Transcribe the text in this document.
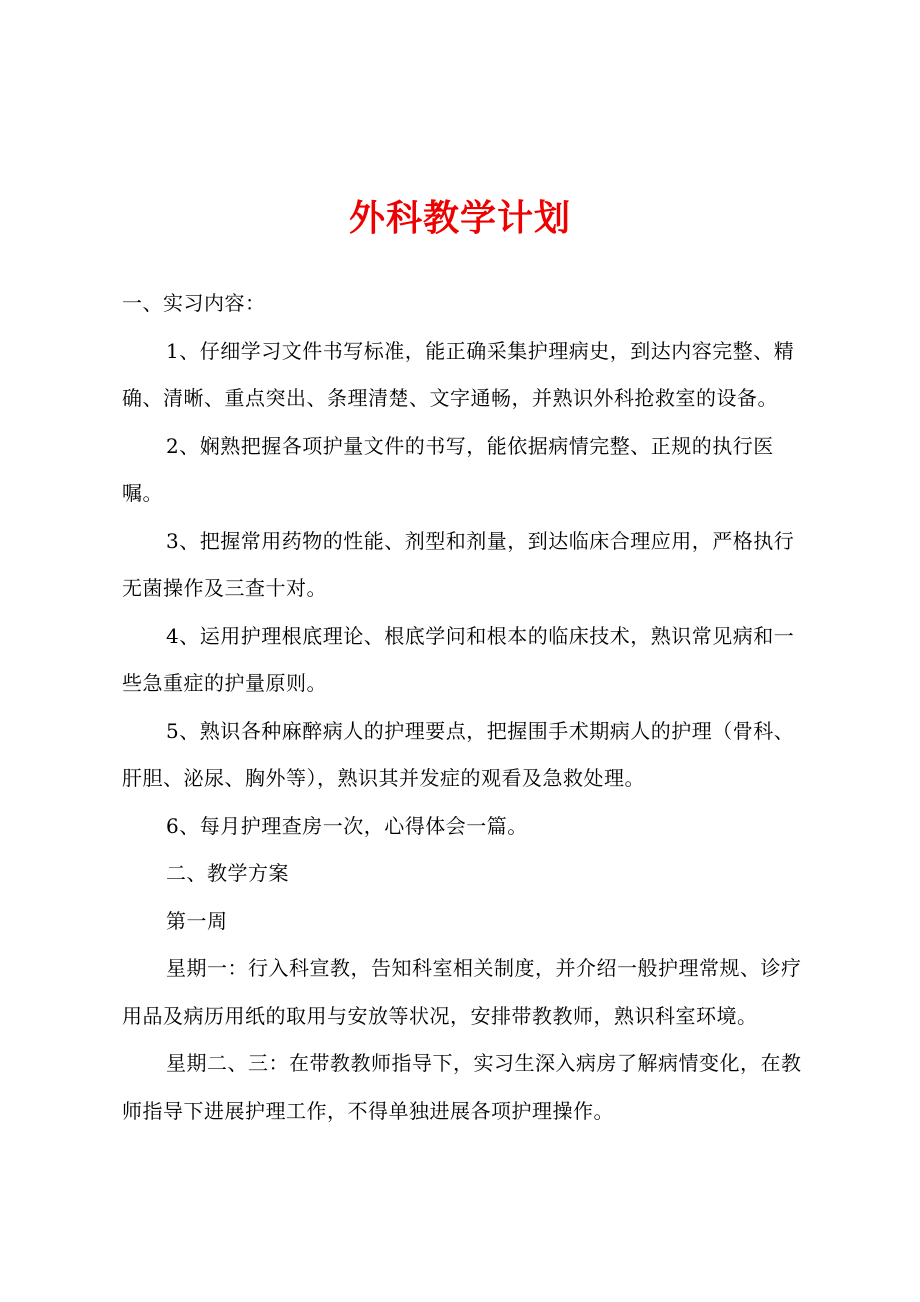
外科教学计划

一、实习内容：

1、仔细学习文件书写标准，能正确采集护理病史，到达内容完整、精确、清晰、重点突出、条理清楚、文字通畅，并熟识外科抢救室的设备。

2、娴熟把握各项护量文件的书写，能依据病情完整、正规的执行医嘱。

3、把握常用药物的性能、剂型和剂量，到达临床合理应用，严格执行无菌操作及三查十对。

4、运用护理根底理论、根底学问和根本的临床技术，熟识常见病和一些急重症的护量原则。

5、熟识各种麻醉病人的护理要点，把握围手术期病人的护理（骨科、肝胆、泌尿、胸外等），熟识其并发症的观看及急救处理。

6、每月护理查房一次，心得体会一篇。

二、教学方案

第一周

星期一：行入科宣教，告知科室相关制度，并介绍一般护理常规、诊疗用品及病历用纸的取用与安放等状况，安排带教教师，熟识科室环境。

星期二、三：在带教教师指导下，实习生深入病房了解病情变化，在教师指导下进展护理工作，不得单独进展各项护理操作。
